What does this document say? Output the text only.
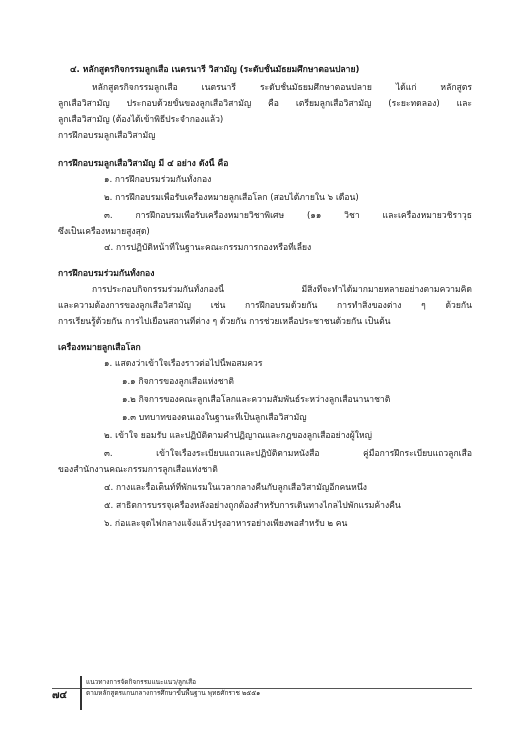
๔. หลักสูตรกิจกรรมลูกเสือ เนตรนารี วิสามัญ (ระดับชั้นมัธยมศึกษาตอนปลาย)
หลักสูตรกิจกรรมลูกเสือ เนตรนารี ระดับชั้นมัธยมศึกษาตอนปลาย ได้แก่ หลักสูตร
ลูกเสือวิสามัญ ประกอบด้วยขั้นของลูกเสือวิสามัญ คือ เตรียมลูกเสือวิสามัญ (ระยะทดลอง) และ
ลูกเสือวิสามัญ (ต้องได้เข้าพิธีประจำกองแล้ว)
การฝึกอบรมลูกเสือวิสามัญ
การฝึกอบรมลูกเสือวิสามัญ มี ๔ อย่าง ดังนี้ คือ
๑. การฝึกอบรมร่วมกันทั้งกอง
๒. การฝึกอบรมเพื่อรับเครื่องหมายลูกเสือโลก (สอบได้ภายใน ๖ เดือน)
๓. การฝึกอบรมเพื่อรับเครื่องหมายวิชาพิเศษ (๑๑ วิชา และเครื่องหมายวชิราวุธ
ซึ่งเป็นเครื่องหมายสูงสุด)
๔. การปฏิบัติหน้าที่ในฐานะคณะกรรมการกองหรือที่เลี้ยง
การฝึกอบรมร่วมกันทั้งกอง
การประกอบกิจกรรมร่วมกันทั้งกองนี้ มีสิ่งที่จะทำได้มากมายหลายอย่างตามความคิด
และความต้องการของลูกเสือวิสามัญ เช่น การฝึกอบรมด้วยกัน การทำสิ่งของต่าง ๆ ด้วยกัน
การเรียนรู้ด้วยกัน การไปเยือนสถานที่ต่าง ๆ ด้วยกัน การช่วยเหลือประชาชนด้วยกัน เป็นต้น
เครื่องหมายลูกเสือโลก
๑. แสดงว่าเข้าใจเรื่องราวต่อไปนี้พอสมควร
๑.๑ กิจการของลูกเสือแห่งชาติ
๑.๒ กิจการของคณะลูกเสือโลกและความสัมพันธ์ระหว่างลูกเสือนานาชาติ
๑.๓ บทบาทของตนเองในฐานะที่เป็นลูกเสือวิสามัญ
๒. เข้าใจ ยอมรับ และปฏิบัติตามคำปฏิญาณและกฎของลูกเสืออย่างผู้ใหญ่
๓. เข้าใจเรื่องระเบียบแถวและปฏิบัติตามหนังสือ คู่มือการฝึกระเบียบแถวลูกเสือ
ของสำนักงานคณะกรรมการลูกเสือแห่งชาติ
๔. กางและรื้อเต็นท์ที่พักแรมในเวลากลางคืนกับลูกเสือวิสามัญอีกคนหนึ่ง
๕. สาธิตการบรรจุเครื่องหลังอย่างถูกต้องสำหรับการเดินทางไกลไปพักแรมค้างคืน
๖. ก่อและจุดไฟกลางแจ้งแล้วปรุงอาหารอย่างเพียงพอสำหรับ ๒ คน
๗๔
แนวทางการจัดกิจกรรมแนะแนว/ลูกเสือ
ตามหลักสูตรแกนกลางการศึกษาขั้นพื้นฐาน พุทธศักราช ๒๕๕๑
